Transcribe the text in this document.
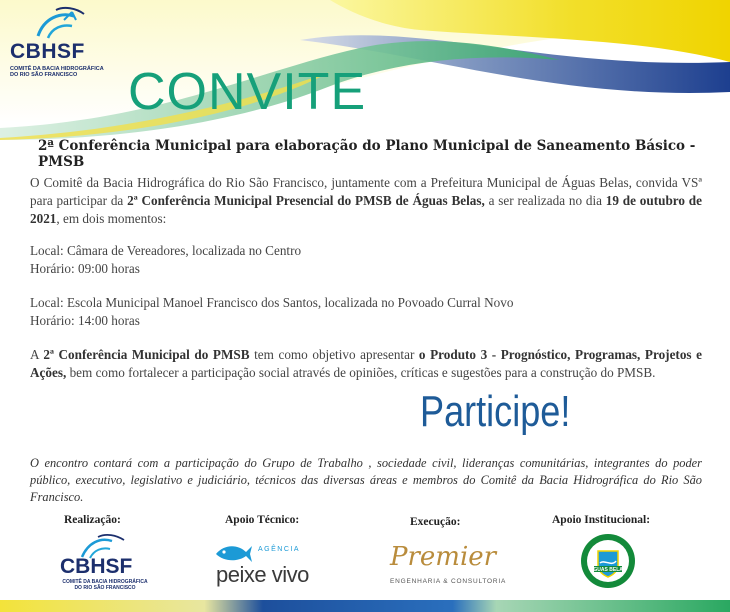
CBHSF
COMITÊ DA BACIA HIDROGRÁFICA
DO RIO SÃO FRANCISCO CONVITE
2ª Conferência Municipal para elaboração do Plano Municipal de Saneamento Básico - PMSB
O Comitê da Bacia Hidrográfica do Rio São Francisco, juntamente com a Prefeitura Municipal de Águas Belas, convida VSª para participar da 2ª Conferência Municipal Presencial do PMSB de Águas Belas, a ser realizada no dia 19 de outubro de 2021, em dois momentos:
Local: Câmara de Vereadores, localizada no Centro
Horário: 09:00 horas
Local: Escola Municipal Manoel Francisco dos Santos, localizada no Povoado Curral Novo
Horário: 14:00 horas
A 2ª Conferência Municipal do PMSB tem como objetivo apresentar o Produto 3 - Prognóstico, Programas, Projetos e Ações, bem como fortalecer a participação social através de opiniões, críticas e sugestões para a construção do PMSB.
Participe!
O encontro contará com a participação do Grupo de Trabalho , sociedade civil, lideranças comunitárias, integrantes do poder público, executivo, legislativo e judiciário, técnicos das diversas áreas e membros do Comitê da Bacia Hidrográfica do Rio São Francisco.
Realização:	Apoio Técnico:	Execução:	Apoio Institucional:
CBHSF
COMITÊ DA BACIA HIDROGRÁFICA
DO RIO SÃO FRANCISCO
AGÊNCIA
peixe vivo
Premier
ENGENHARIA & CONSULTORIA
ÁGUAS BELAS
